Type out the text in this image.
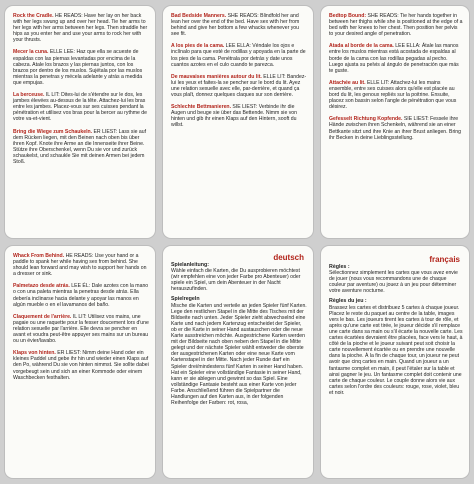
Rock the Cradle. HE READS: Have her lay on her back with her legs swung up and over her head. Tie her arms to her legs with her arms between her legs. Then straddle her hips as you enter her and use your arms to rock her with your thrusts.
Mecer la cuna. ELLE LEE: Haz que ella se acueste de espaldas con las piernas levantadas por encima de la cabeza. Atale los brazos y las piernas juntos, con los brazos por dentro de los muslos. Sujétala por las muslos mientras la penetras y mécela adelante y atrás a medida que empujas.
La berceuse. IL LIT: Dites-lui de s'étendre sur le dos, les jambes élevées au-dessus de la tête. Attachez-lui les bras entre les jambes. Placez-vous sur ses cuisses pendant la pénétration et utilisez vos bras pour la bercer au rythme de votre va-et-vient.
Bring die Wiege zum Schaukeln. ER LIEST: Lass sie auf dem Rücken liegen, mit den Beinen nach oben bis über ihren Kopf. Knote ihre Arme an die Innenseite ihrer Beine. Stütze ihre Oberschenkel, wenn Du sie vor und zurück schaukelst, und schaukle Sie mit deinen Armen bei jedem Stoß.
Bad Bedside Manners. SHE READS: Blindfold her and lean her over the end of the bed. Have sex with her from behind and give her bottom a few whacks whenever you see fit.
A los pies de la cama. LEE ELLA: Véndale los ojos e inclínalo para que esté de rodillas y apoyada en la parte de los pies de la cama. Penétrala por detrás y date unos cuantos azotes en el culo cuando te parezca.
De mauvaises manières autour du lit. ELLE LIT: Bandez-lui les yeux et faites-la se pencher sur le bord du lit. Ayez une relation sexuelle avec elle, par-derrière, et quand ça vous plaît, donnez quelques claques sur son derrière.
Schlechte Bettmanieren. SIE LIEST: Verbinde ihr die Augen und beuge sie über das Bettende. Nimm sie von hinten und gib ihr einen Klaps auf den Hintern, sooft du willst.
Bedtop Bound: SHE READS: Tie her hands together in between her thighs while she is positioned at the edge of a bed with her knees to her chest. Then position her pelvis to your desired angle of penetration.
Atada al borde de la cama. LEE ELLA: Átale las manos entre los muslos mientras está acostada de espaldas al borde de la cama con las rodillas pegadas al pecho. Luego ajusta su pelvis al ángulo de penetración que más te guste.
Attachée au lit. ELLE LIT: Attachez-lui les mains ensemble, entre ses cuisses alors qu'elle est placée au bord du lit, les genoux repliés sur la poitrine. Ensuite, placez son bassin selon l'angle de pénétration que vous désirez.
Gefesselt Richtung Kopfende. SIE LIEST: Fessele ihre Hände zwischen ihren Schenkeln, während sie an einer Bettkante sitzt und ihre Knie an ihrer Brust anliegen. Bring ihr Becken in deine Lieblingsstellung.
Whack From Behind. HE READS: Use your hand or a paddle to spank her while having sex from behind. She should lean forward and may wish to support her hands on a dresser or sink.
Palmetazo desde atrás. LEE ÉL: Dale azotes con la mano o con una paleta mientras la penetras desde atrás. Ella debería inclinarse hacia delante y apoyar las manos en algún mueble o en el lavamanos del baño.
Claquement de l'arrière. IL LIT: Utilisez vos mains, une pagaie ou une raquette pour la fesser doucement lors d'une relation sexuelle par l'arrière. Elle devra se pencher en avant et voudra peut-être appuyer ses mains sur un bureau ou un évier/lavabo.
Klaps von hinten. ER LIEST: Nimm deine Hand oder ein kleines Paddel und gebe ihr hin und wieder einen Klaps auf den Po, während Du sie von hinten nimmst. Sie sollte dabei vorgebeugt sein und sich an einer Kommode oder einem Waschbecken festhalten.
deutsch
Spielanleitung:
Wähle einfach die Karten, die Du ausprobieren möchtest (wir empfehlen eine von jeder Farbe pro Abenteuer) oder spiele ein Spiel, um dein Abenteuer in der Nacht herauszufinden.
Spielregeln
Mische die Karten und verteile an jeden Spieler fünf Karten. Lege den restlichen Stapel in die Mitte des Tisches mit der Bildseite nach unten. Jeder Spieler zieht abwechselnd eine Karte und nach jedem Kartenzug entscheidet der Spieler, ob er die Karte in seiner Hand austauschen oder die neue Karte ausstreichen möchte. Ausgestrichene Karten werden mit der Bildseite nach oben neben den Stapel in die Mitte gelegt und der nächste Spieler wählt entweder die oberste der ausgestrichenen Karten oder eine neue Karte vom Kartenstapel in der Mitte. Nach jeder Runde darf ein Spieler drei/mindestens fünf Karten in seiner Hand haben. Hat ein Spieler eine vollständige Fantasie in seiner Hand, kann er sie ablegen und gewinnt so das Spiel. Eine vollständige Fantasie besteht aus einer Karte von jeder Farbe. Anschließend führen die Spielpartner die Handlungen auf den Karten aus, in der folgenden Reihenfolge der Farben: rot, rosa,
français
Règles :
Sélectionnez simplement les cartes que vous avez envie de jouer (nous vous recommandons une de chaque couleur par aventure) ou jouez à un jeu pour déterminer votre aventure nocturne.
Règles du jeu :
Brassez les cartes et distribuez 5 cartes à chaque joueur. Placez le reste du paquet au centre de la table, images vers le bas. Les joueurs tirent les cartes à tour de rôle, et après qu'une carte est tirée, le joueur décide s'il remplace une carte dans sa main ou s'il écarte la nouvelle carte. Les cartes écartées devraient être placées, face vers le haut, à côté de la pioche et le joueur suivant peut soit choisir la carte nouvellement écartée ou en prendre une nouvelle dans la pioche. À la fin de chaque tour, un joueur ne peut avoir que cinq cartes en main. Quand un joueur a un fantasme complet en main, il peut l'étaler sur la table et ainsi gagner le jeu. Un fantasme complet doit contenir une carte de chaque couleur. Le couple donne alors vie aux cartes selon l'ordre des couleurs: rouge, rose, violet, bleu et noir.
